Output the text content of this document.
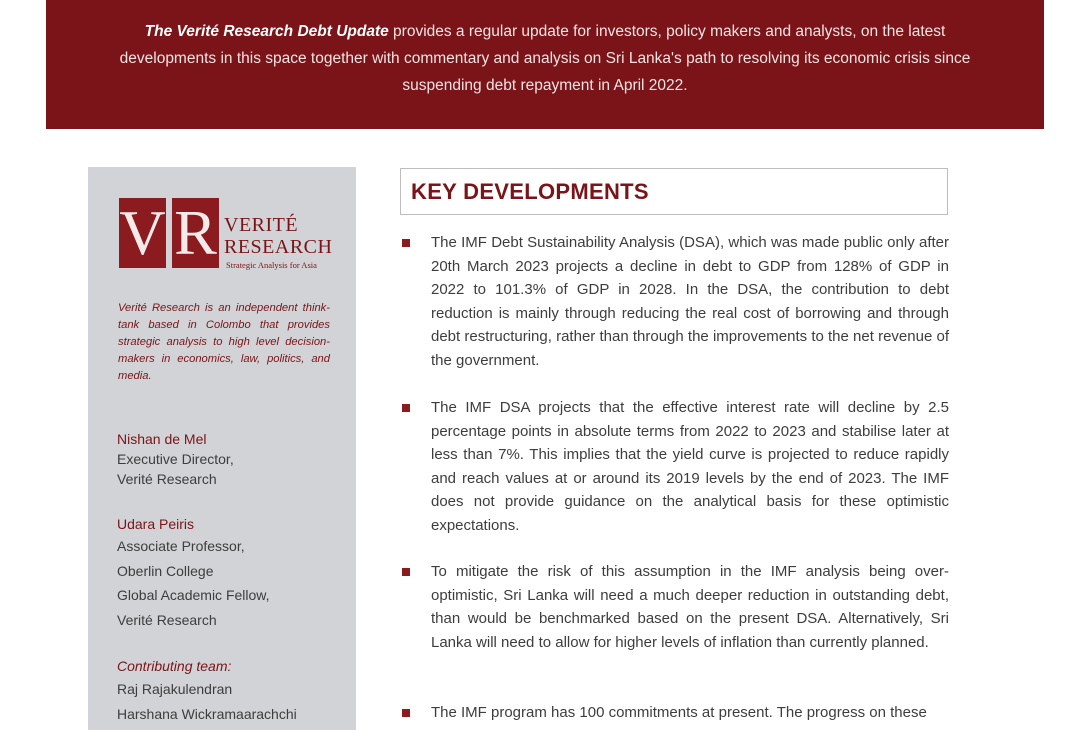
The Verité Research Debt Update provides a regular update for investors, policy makers and analysts, on the latest developments in this space together with commentary and analysis on Sri Lanka's path to resolving its economic crisis since suspending debt repayment in April 2022.

V R VERITÉ
RESEARCH
Strategic Analysis for Asia
Verité Research is an independent think-tank based in Colombo that provides strategic analysis to high level decision-makers in economics, law, politics, and media.
Nishan de Mel
Executive Director,
Verité Research
Udara Peiris
Associate Professor,
Oberlin College
Global Academic Fellow,
Verité Research
Contributing team:
Raj Rajakulendran
Harshana Wickramaarachchi
KEY DEVELOPMENTS
The IMF Debt Sustainability Analysis (DSA), which was made public only after 20th March 2023 projects a decline in debt to GDP from 128% of GDP in 2022 to 101.3% of GDP in 2028. In the DSA, the contribution to debt reduction is mainly through reducing the real cost of borrowing and through debt restructuring, rather than through the improvements to the net revenue of the government.
The IMF DSA projects that the effective interest rate will decline by 2.5 percentage points in absolute terms from 2022 to 2023 and stabilise later at less than 7%. This implies that the yield curve is projected to reduce rapidly and reach values at or around its 2019 levels by the end of 2023. The IMF does not provide guidance on the analytical basis for these optimistic expectations.
To mitigate the risk of this assumption in the IMF analysis being over-optimistic, Sri Lanka will need a much deeper reduction in outstanding debt, than would be benchmarked based on the present DSA. Alternatively, Sri Lanka will need to allow for higher levels of inflation than currently planned.
The IMF program has 100 commitments at present. The progress on these
